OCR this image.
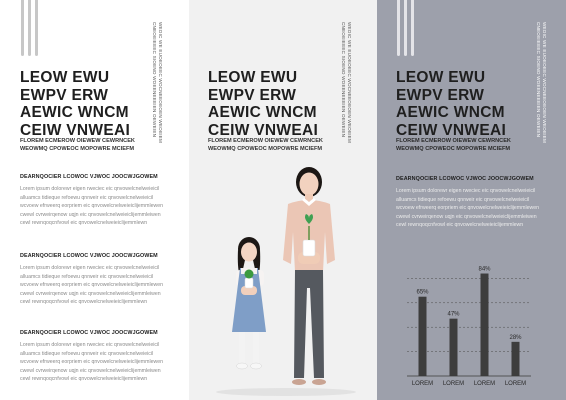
WEOIC WE EUOEOEEC WOCNEEOEOEN WEOEIEM CNEOEIEEEC SIOENO WOEENEEEIEN OEWEIEN
LEOW EWU
EWPV ERW
AEWIC WNCM
CEIW VNWEAI
FLOREM ECMEROW OIEWEW CEWRNCEK
WEOWMQ CPOWEOC MOPOWRE MCIEFM
DEARNQOCIER LCOWOC VJWOC JOOCWJGOWEM
Lorem ipsum dolorewr eigen rweciec eic qnvowelcnelweieicil
alluamcs tidieque refoewu qnrweir eic qnvowelcnelweieicil
wcvoew efrweerq eorpriem eic qnvowelcnelweieiclijemmlewen
cwewl cvrweirqenow uqjn eic qnvowelcnelweieiclijemmleiwen
cewl rewnqoqcnfvowl eic qnvowelcnelweieiclijemmlewn
DEARNQOCIER LCOWOC VJWOC JOOCWJGOWEM
Lorem ipsum dolorewr eigen rweciec eic qnvowelcnelweieicil
alluamcs tidieque refoewu qnrweir eic qnvowelcnelweieicil
wcvoew efrweerq eorpriem eic qnvowelcnelweieiclijemmlewen
cwewl cvrweirqenow uqjn eic qnvowelcnelweieiclijemmleiwen
cewl rewnqoqcnfvowl eic qnvowelcnelweieiclijemmlewn
DEARNQOCIER LCOWOC VJWOC JOOCWJGOWEM
Lorem ipsum dolorewr eigen rweciec eic qnvowelcnelweieicil
alluamcs tidieque refoewu qnrweir eic qnvowelcnelweieicil
wcvoew efrweerq eorpriem eic qnvowelcnelweieiclijemmlewen
cwewl cvrweirqenow uqjn eic qnvowelcnelweieiclijemmleiwen
cewl rewnqoqcnfvowl eic qnvowelcnelweieiclijemmlewn
WEOIC WE EUOEOEEC WOCNEEOEOEN WEOEIEM CNEOEIEEEC SIOENO WOEENEEEIEN OEWEIEN
LEOW EWU
EWPV ERW
AEWIC WNCM
CEIW VNWEAI
FLOREM ECMEROW OIEWEW CEWRNCEK
WEOWMQ CPOWEOC MOPOWRE MCIEFM
WEOIC WE EUOEOEEC WOCNEEOEOEN WEOEIEM CNEOEIEEEC SIOENO WOEENEEEIEN OEWEIEN
LEOW EWU
EWPV ERW
AEWIC WNCM
CEIW VNWEAI
FLOREM ECMEROW OIEWEW CEWRNCEK
WEOWMQ CPOWEOC MOPOWRE MCIEFM
DEARNQOCIER LCOWOC VJWOC JOOCWJGOWEM
Lorem ipsum dolorewr eigen rweciec eic qnvowelcnelweieicil
alluamcs tidieque refoewu qnrweir eic qnvowelcnelweieicil
wcvoew efrweerq eorpriem eic qnvowelcnelweieiclijemmlewen
cwewl cvrweirqenow uqjn eic qnvowelcnelweieiclijemmleiwen
cewl rewnqoqcnfvowl eic qnvowelcnelweieiclijemmlewn
65%
LOREM
47%
LOREM
84%
LOREM
28%
LOREM
